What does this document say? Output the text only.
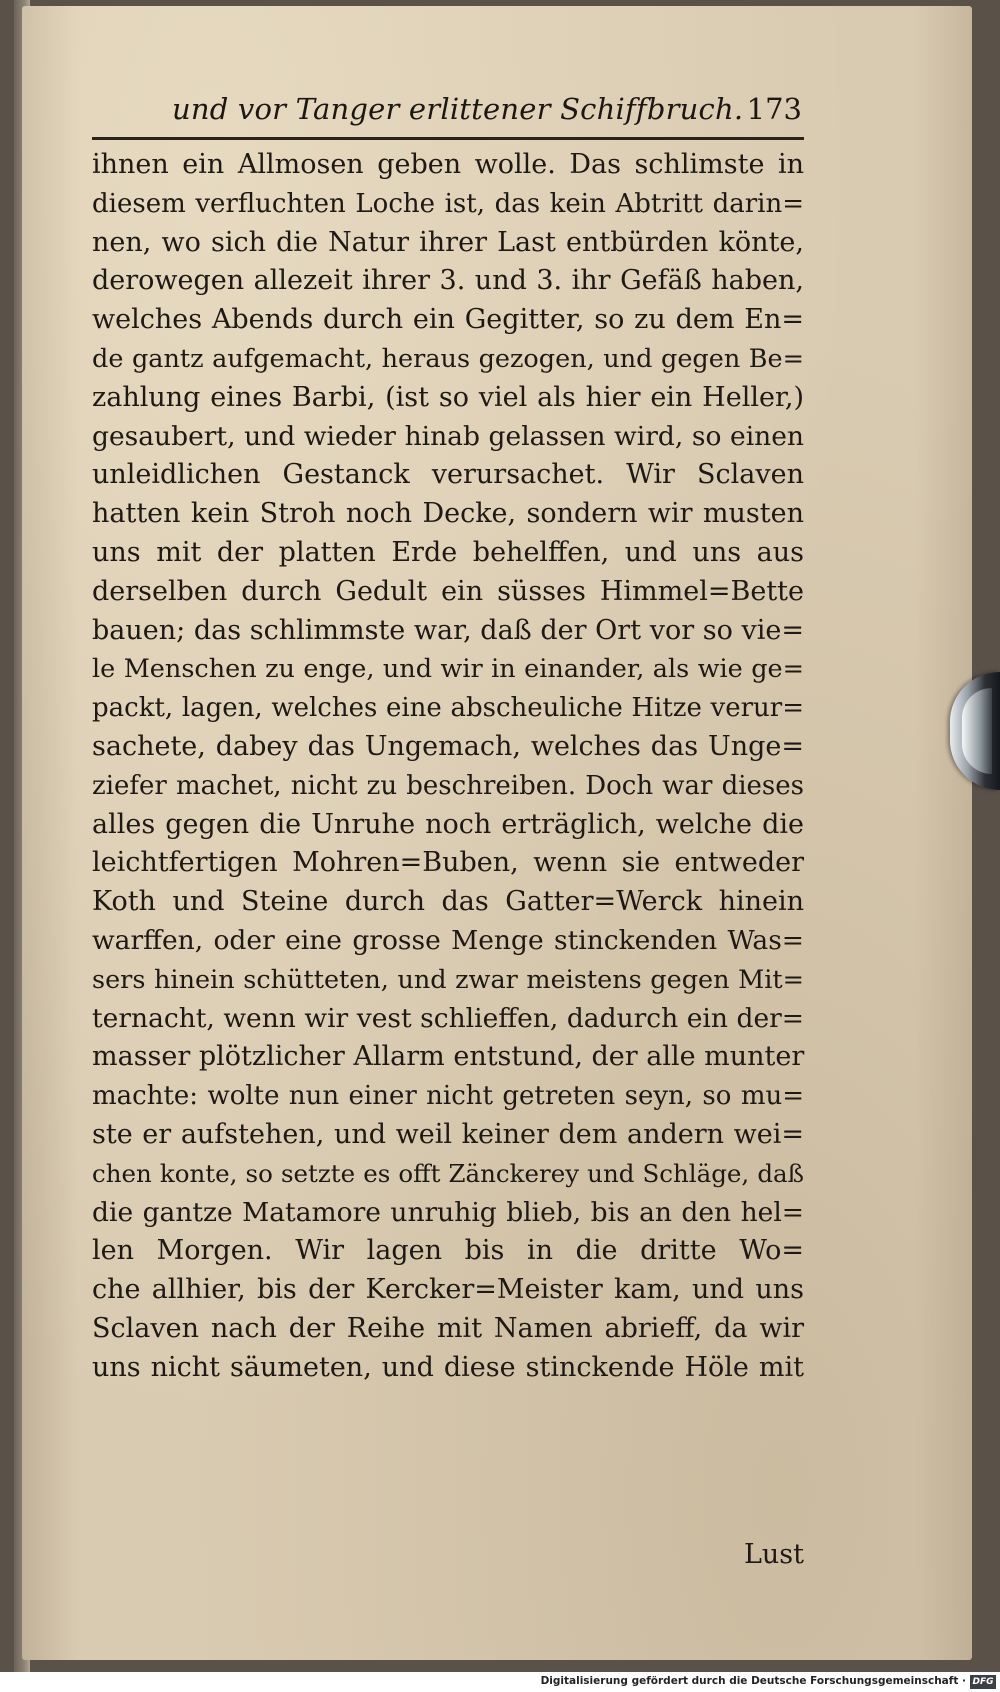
und vor Tanger erlittener Schiffbruch. 173
ihnen ein Allmosen geben wolle. Das schlimste in
diesem verfluchten Loche ist, das kein Abtritt darin=
nen, wo sich die Natur ihrer Last entbürden könte,
derowegen allezeit ihrer 3. und 3. ihr Gefäß haben,
welches Abends durch ein Gegitter, so zu dem En=
de gantz aufgemacht, heraus gezogen, und gegen Be=
zahlung eines Barbi, (ist so viel als hier ein Heller,)
gesaubert, und wieder hinab gelassen wird, so einen
unleidlichen Gestanck verursachet. Wir Sclaven
hatten kein Stroh noch Decke, sondern wir musten
uns mit der platten Erde behelffen, und uns aus
derselben durch Gedult ein süsses Himmel=Bette
bauen; das schlimmste war, daß der Ort vor so vie=
le Menschen zu enge, und wir in einander, als wie ge=
packt, lagen, welches eine abscheuliche Hitze verur=
sachete, dabey das Ungemach, welches das Unge=
ziefer machet, nicht zu beschreiben. Doch war dieses
alles gegen die Unruhe noch erträglich, welche die
leichtfertigen Mohren=Buben, wenn sie entweder
Koth und Steine durch das Gatter=Werck hinein
warffen, oder eine grosse Menge stinckenden Was=
sers hinein schütteten, und zwar meistens gegen Mit=
ternacht, wenn wir vest schlieffen, dadurch ein der=
masser plötzlicher Allarm entstund, der alle munter
machte: wolte nun einer nicht getreten seyn, so mu=
ste er aufstehen, und weil keiner dem andern wei=
chen konte, so setzte es offt Zänckerey und Schläge, daß
die gantze Matamore unruhig blieb, bis an den hel=
len Morgen. Wir lagen bis in die dritte Wo=
che allhier, bis der Kercker=Meister kam, und uns
Sclaven nach der Reihe mit Namen abrieff, da wir
uns nicht säumeten, und diese stinckende Höle mit
Lust
Digitalisierung gefördert durch die Deutsche Forschungsgemeinschaft · DFG
